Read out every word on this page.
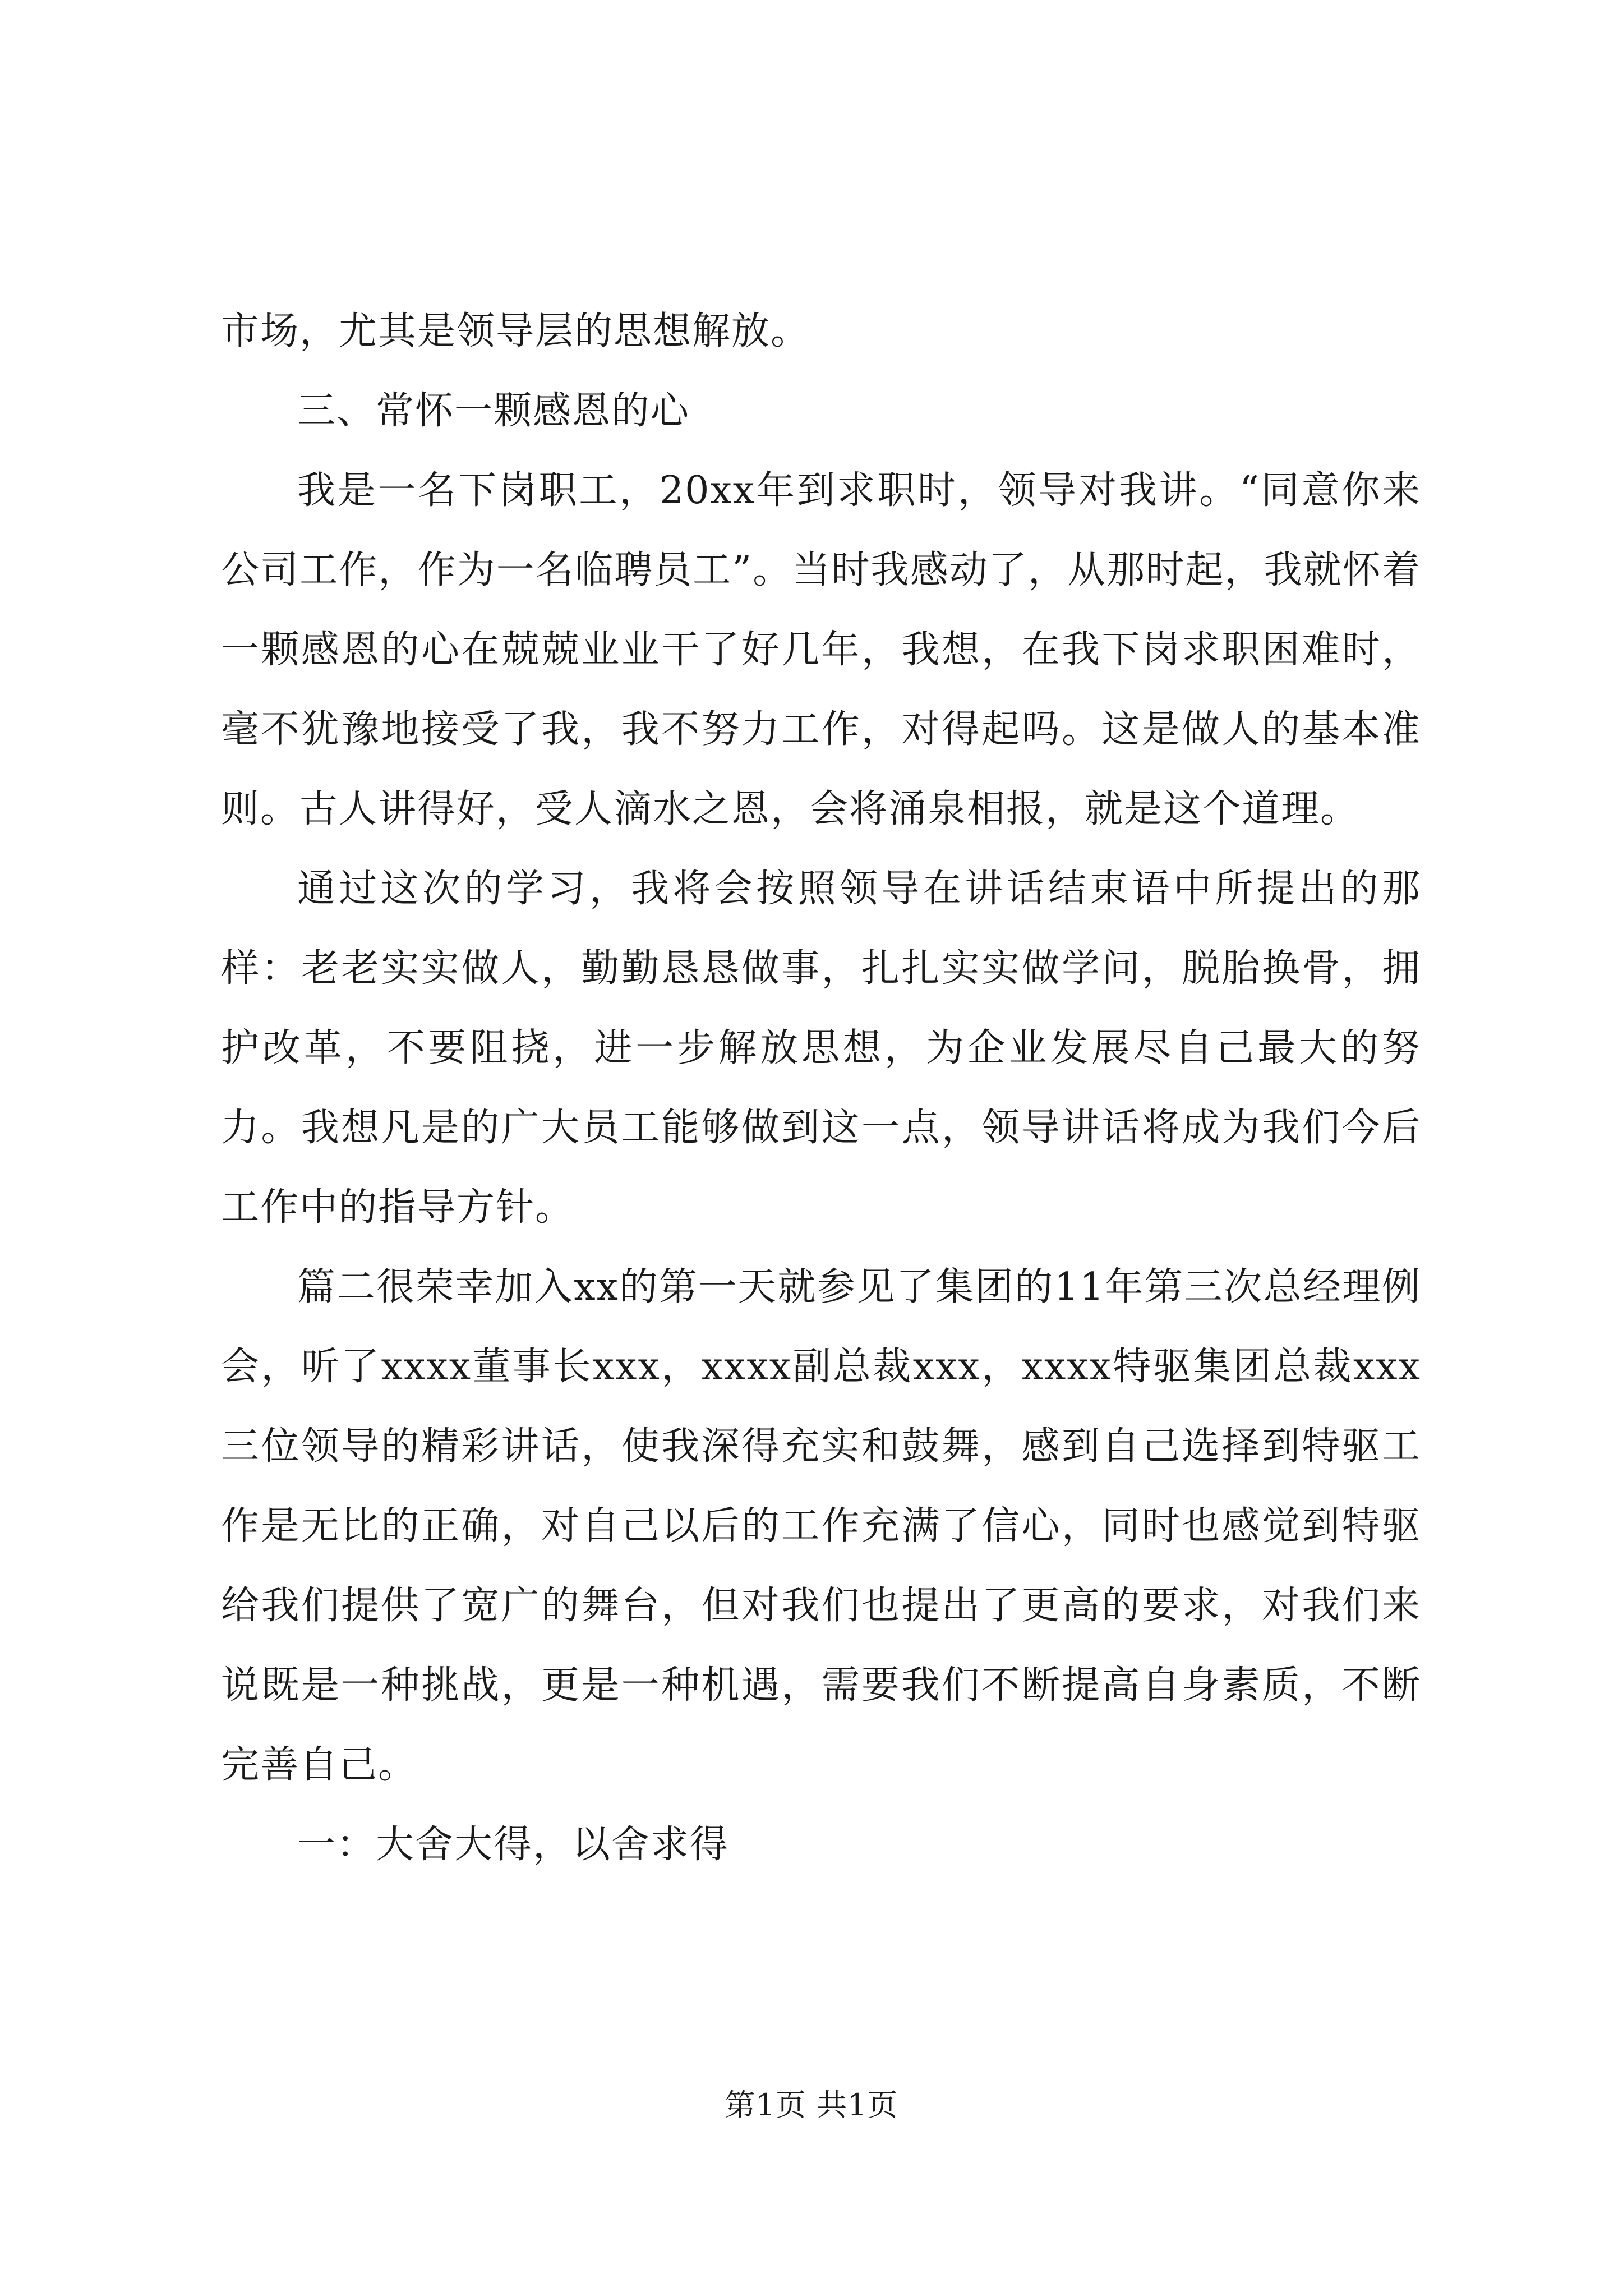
市场，尤其是领导层的思想解放。

三、常怀一颗感恩的心

我是一名下岗职工，20xx年到求职时，领导对我讲。“同意你来公司工作，作为一名临聘员工”。当时我感动了，从那时起，我就怀着一颗感恩的心在兢兢业业干了好几年，我想，在我下岗求职困难时，毫不犹豫地接受了我，我不努力工作，对得起吗。这是做人的基本准则。古人讲得好，受人滴水之恩，会将涌泉相报，就是这个道理。

通过这次的学习，我将会按照领导在讲话结束语中所提出的那样：老老实实做人，勤勤恳恳做事，扎扎实实做学问，脱胎换骨，拥护改革，不要阻挠，进一步解放思想，为企业发展尽自己最大的努力。我想凡是的广大员工能够做到这一点，领导讲话将成为我们今后工作中的指导方针。

篇二很荣幸加入xx的第一天就参见了集团的11年第三次总经理例会，听了xxxx董事长xxx，xxxx副总裁xxx，xxxx特驱集团总裁xxx三位领导的精彩讲话，使我深得充实和鼓舞，感到自己选择到特驱工作是无比的正确，对自己以后的工作充满了信心，同时也感觉到特驱给我们提供了宽广的舞台，但对我们也提出了更高的要求，对我们来说既是一种挑战，更是一种机遇，需要我们不断提高自身素质，不断完善自己。

一：大舍大得，以舍求得

第1页 共1页
